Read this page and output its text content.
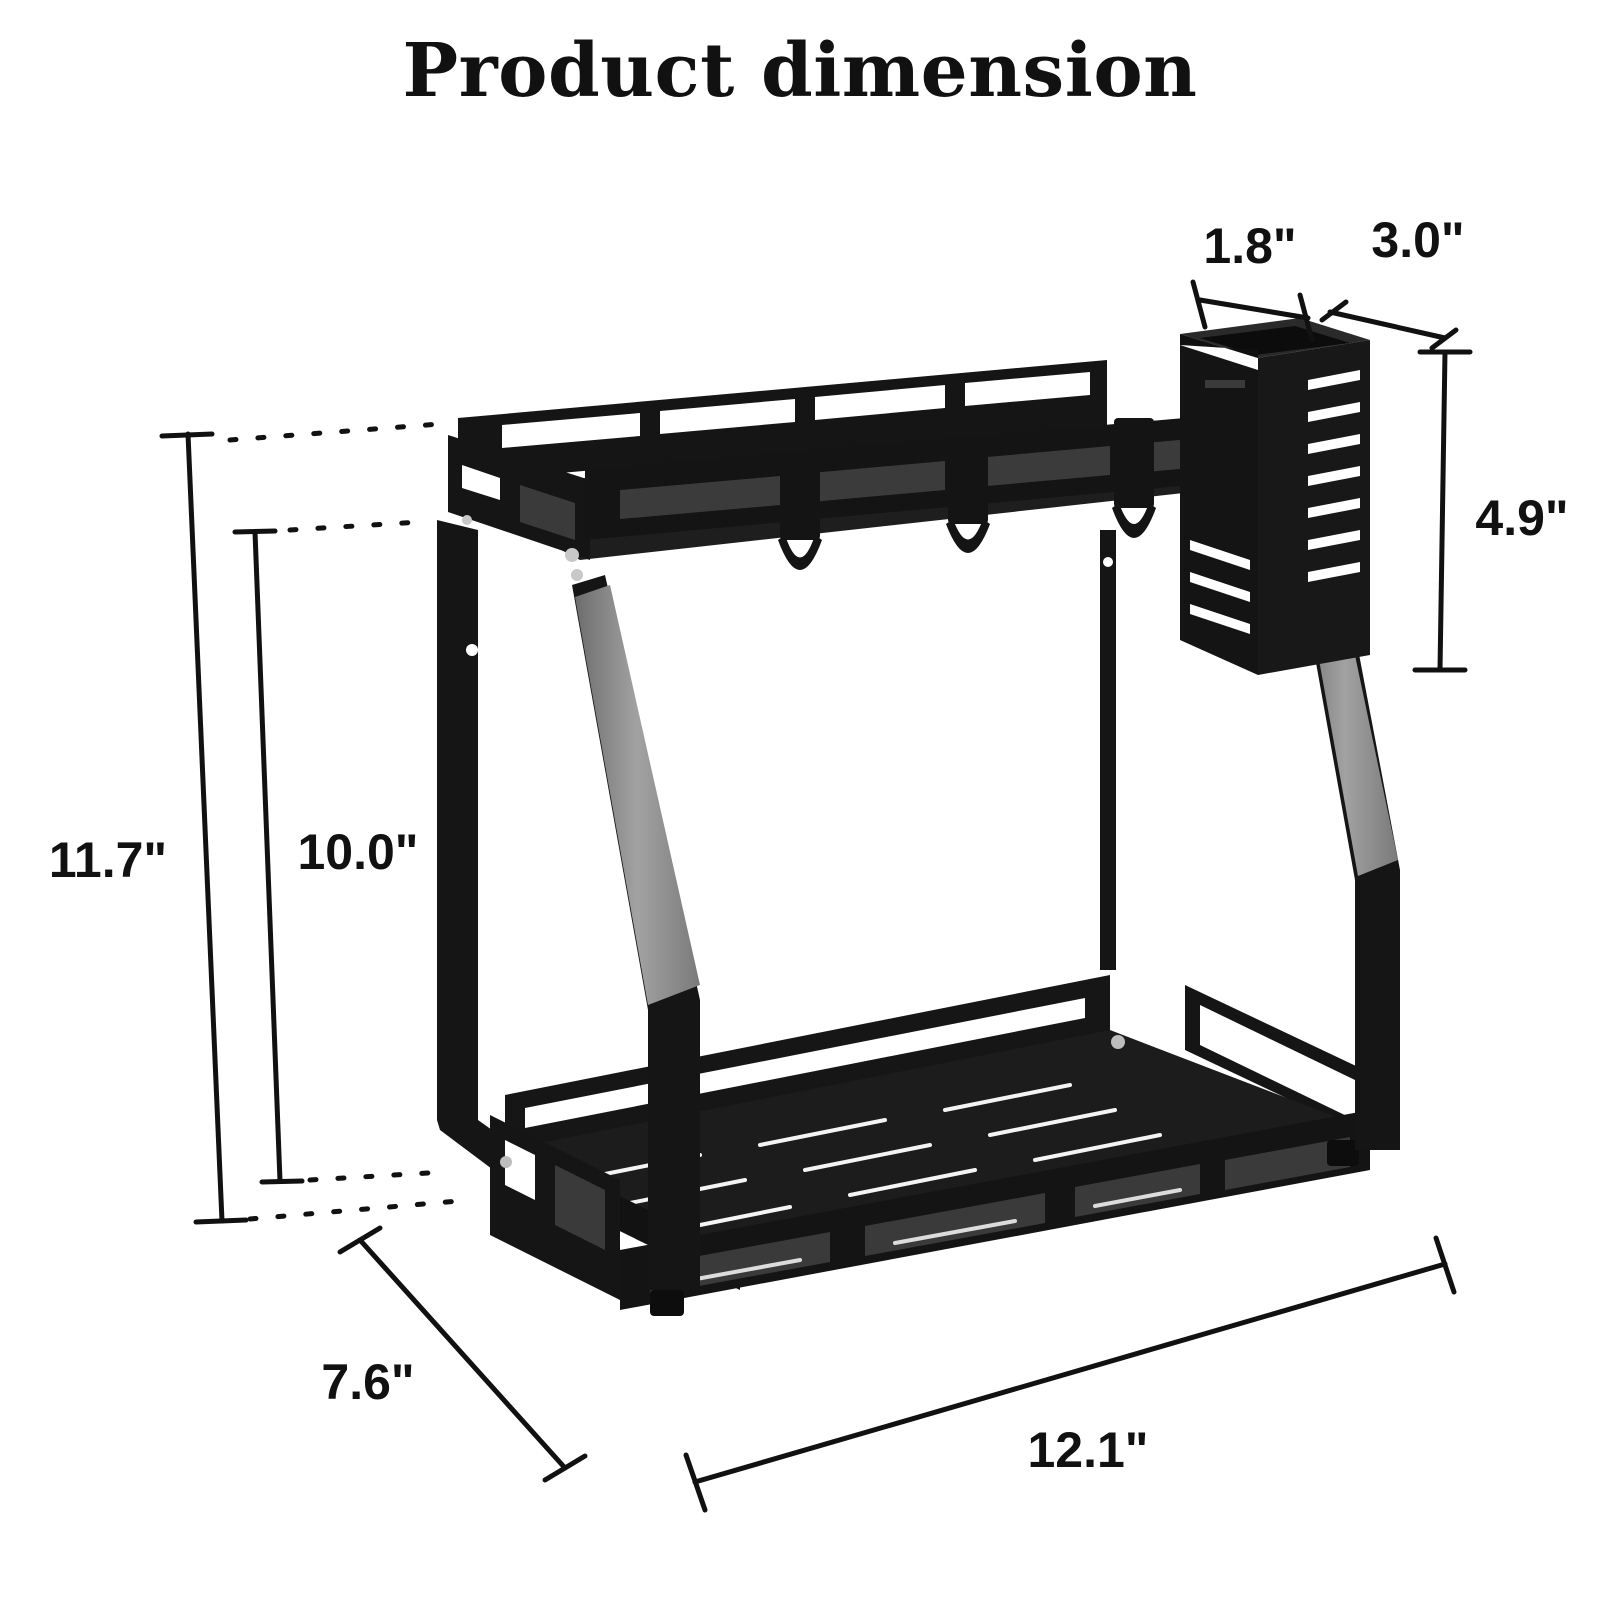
Product dimension
11.7"	10.0"
7.6"
12.1"
1.8" 3.0"
4.9"
